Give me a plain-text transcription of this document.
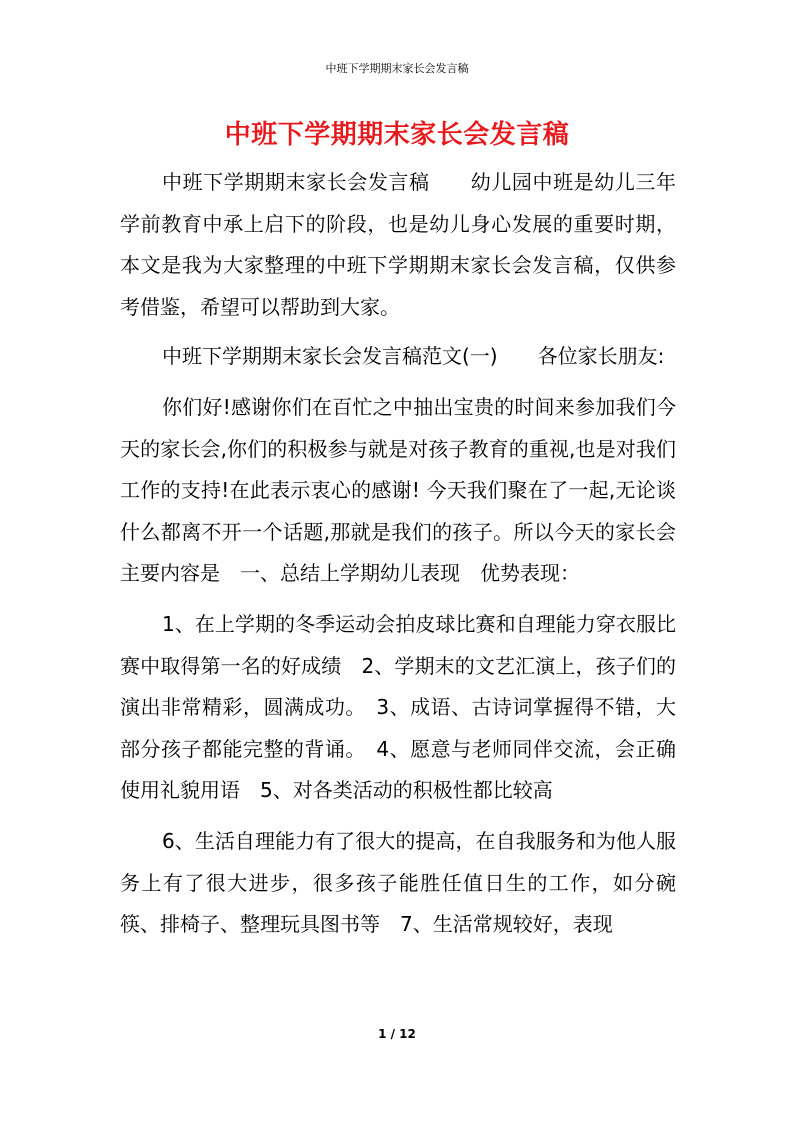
中班下学期期末家长会发言稿
中班下学期期末家长会发言稿

中班下学期期末家长会发言稿　　幼儿园中班是幼儿三年学前教育中承上启下的阶段，也是幼儿身心发展的重要时期，本文是我为大家整理的中班下学期期末家长会发言稿，仅供参考借鉴，希望可以帮助到大家。

中班下学期期末家长会发言稿范文(一)　　各位家长朋友:

你们好!感谢你们在百忙之中抽出宝贵的时间来参加我们今天的家长会,你们的积极参与就是对孩子教育的重视,也是对我们工作的支持!在此表示衷心的感谢! 今天我们聚在了一起,无论谈什么都离不开一个话题,那就是我们的孩子。所以今天的家长会主要内容是　一、总结上学期幼儿表现　优势表现：

1、在上学期的冬季运动会拍皮球比赛和自理能力穿衣服比赛中取得第一名的好成绩　2、学期末的文艺汇演上，孩子们的演出非常精彩，圆满成功。　3、成语、古诗词掌握得不错，大部分孩子都能完整的背诵。　4、愿意与老师同伴交流，会正确使用礼貌用语　5、对各类活动的积极性都比较高

6、生活自理能力有了很大的提高，在自我服务和为他人服务上有了很大进步，很多孩子能胜任值日生的工作，如分碗筷、排椅子、整理玩具图书等　7、生活常规较好，表现

1 / 12
